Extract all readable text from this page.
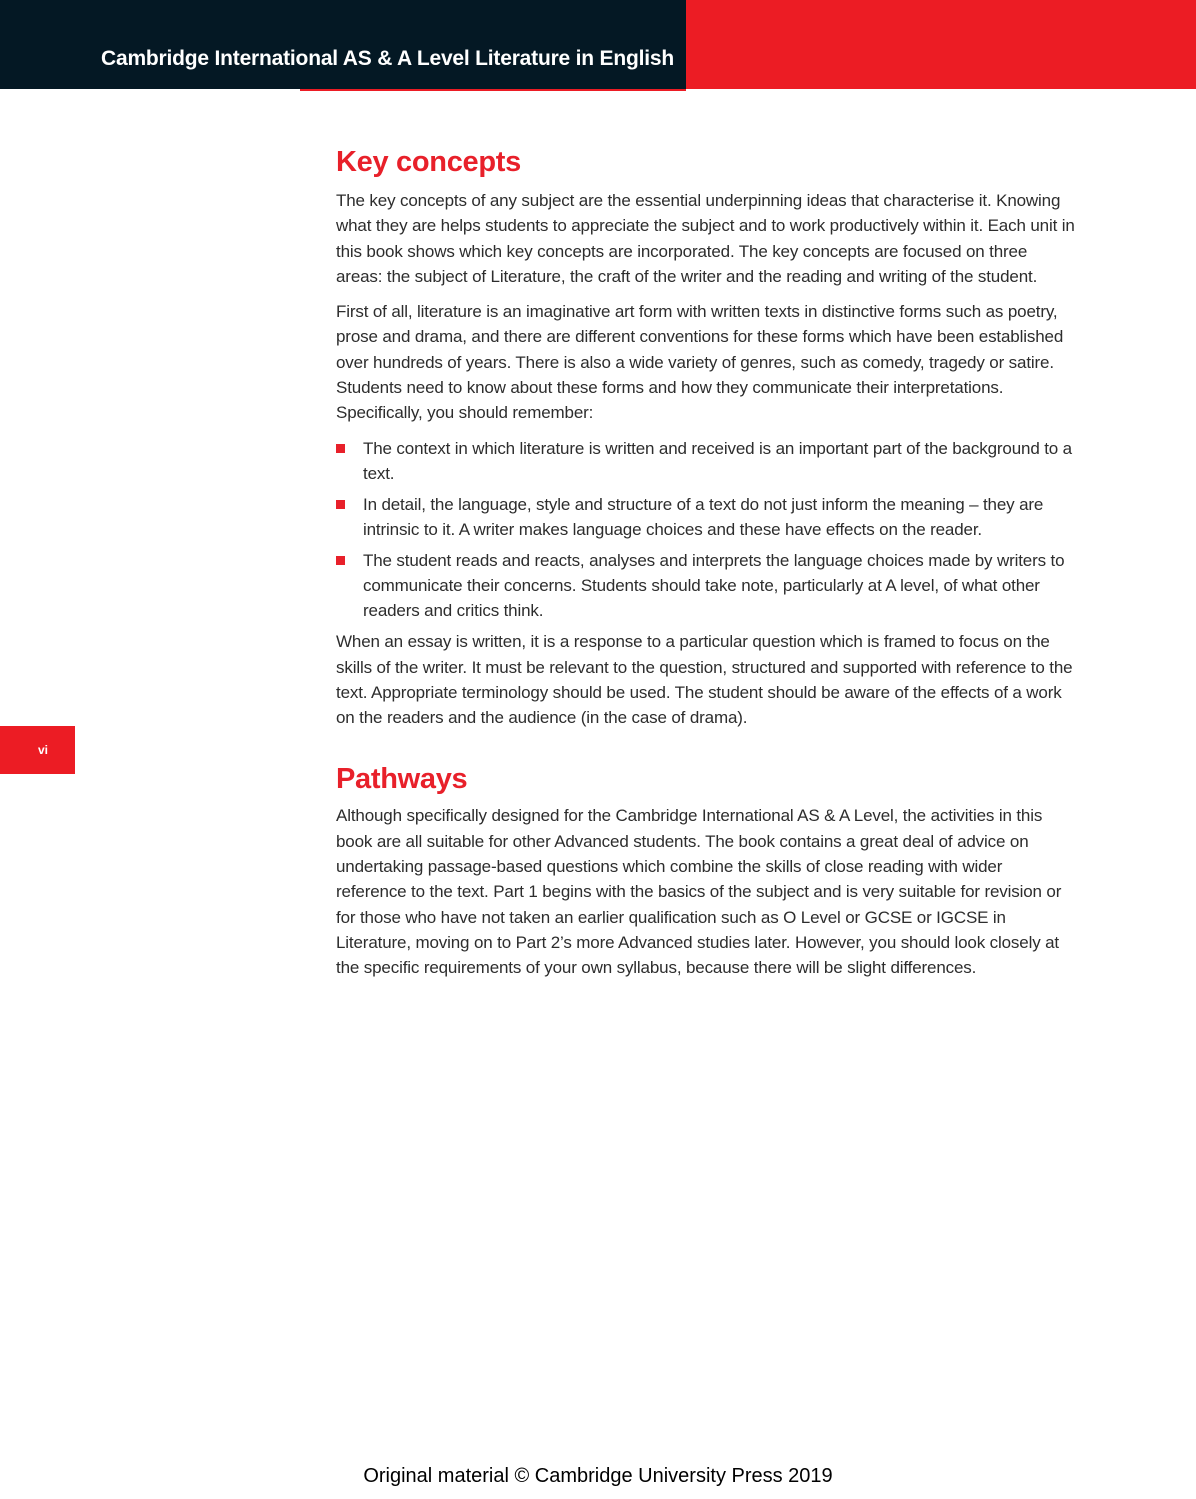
Cambridge International AS & A Level Literature in English
vi
Key concepts

The key concepts of any subject are the essential underpinning ideas that characterise it. Knowing what they are helps students to appreciate the subject and to work productively within it. Each unit in this book shows which key concepts are incorporated. The key concepts are focused on three areas: the subject of Literature, the craft of the writer and the reading and writing of the student.

First of all, literature is an imaginative art form with written texts in distinctive forms such as poetry, prose and drama, and there are different conventions for these forms which have been established over hundreds of years. There is also a wide variety of genres, such as comedy, tragedy or satire. Students need to know about these forms and how they communicate their interpretations. Specifically, you should remember:

The context in which literature is written and received is an important part of the background to a text.
In detail, the language, style and structure of a text do not just inform the meaning – they are intrinsic to it. A writer makes language choices and these have effects on the reader.
The student reads and reacts, analyses and interprets the language choices made by writers to communicate their concerns. Students should take note, particularly at A level, of what other readers and critics think.

When an essay is written, it is a response to a particular question which is framed to focus on the skills of the writer. It must be relevant to the question, structured and supported with reference to the text. Appropriate terminology should be used. The student should be aware of the effects of a work on the readers and the audience (in the case of drama).

Pathways

Although specifically designed for the Cambridge International AS & A Level, the activities in this book are all suitable for other Advanced students. The book contains a great deal of advice on undertaking passage-based questions which combine the skills of close reading with wider reference to the text. Part 1 begins with the basics of the subject and is very suitable for revision or for those who have not taken an earlier qualification such as O Level or GCSE or IGCSE in Literature, moving on to Part 2’s more Advanced studies later. However, you should look closely at the specific requirements of your own syllabus, because there will be slight differences.

Original material © Cambridge University Press 2019
